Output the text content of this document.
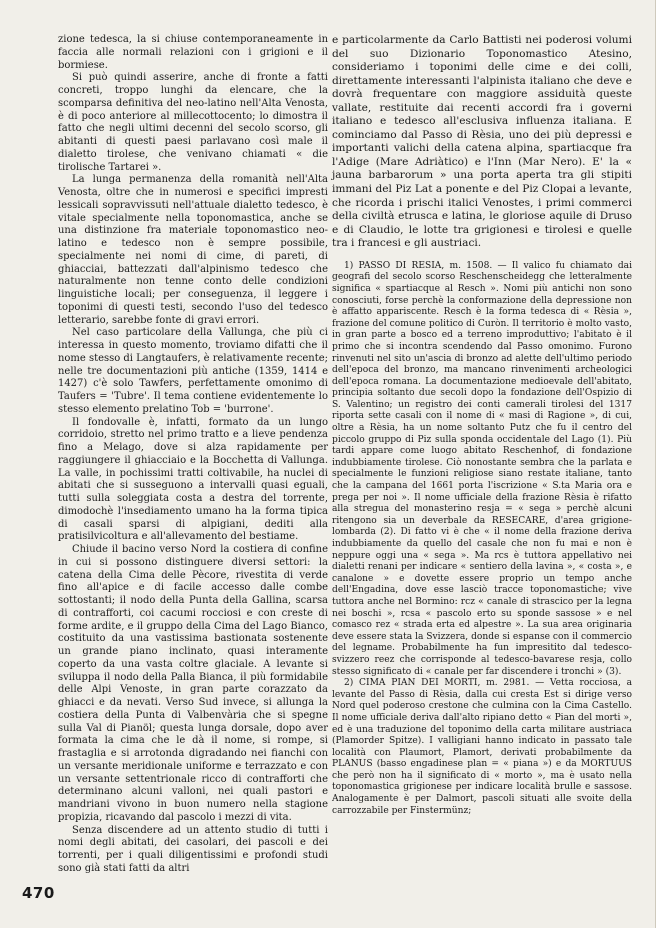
zione tedesca, la si chiuse contemporaneamente in faccia alle normali relazioni con i grigioni e il bormiese.

Si può quindi asserire, anche di fronte a fatti concreti, troppo lunghi da elencare, che la scomparsa definitiva del neo-latino nell'Alta Venosta, è di poco anteriore al millecottocento; lo dimostra il fatto che negli ultimi decenni del secolo scorso, gli abitanti di questi paesi parlavano così male il dialetto tirolese, che venivano chiamati « die tirolische Tartarei ».

La lunga permanenza della romanità nell'Alta Venosta, oltre che in numerosi e specifici impresti lessicali sopravvissuti nell'attuale dialetto tedesco, è vitale specialmente nella toponomastica, anche se una distinzione fra materiale toponomastico neo-latino e tedesco non è sempre possibile, specialmente nei nomi di cime, di pareti, di ghiacciai, battezzati dall'alpinismo tedesco che naturalmente non tenne conto delle condizioni linguistiche locali; per conseguenza, il leggere i toponimi di questi testi, secondo l'uso del tedesco letterario, sarebbe fonte di gravi errori.

Nel caso particolare della Vallunga, che più ci interessa in questo momento, troviamo difatti che il nome stesso di Langtaufers, è relativamente recente; nelle tre documentazioni più antiche (1359, 1414 e 1427) c'è solo Tawfers, perfettamente omonimo di Taufers = 'Tubre'. Il tema contiene evidentemente lo stesso elemento prelatino Tob = 'burrone'.

Il fondovalle è, infatti, formato da un lungo corridoio, stretto nel primo tratto e a lieve pendenza fino a Melago, dove si alza rapidamente per raggiungere il ghiacciaio e la Bocchetta di Vallunga. La valle, in pochissimi tratti coltivabile, ha nuclei di abitati che si susseguono a intervalli quasi eguali, tutti sulla soleggiata costa a destra del torrente, dimodochè l'insediamento umano ha la forma tipica di casali sparsi di alpigiani, dediti alla pratisilvicoltura e all'allevamento del bestiame.

Chiude il bacino verso Nord la costiera di confine in cui si possono distinguere diversi settori: la catena della Cima delle Pècore, rivestita di verde fino all'apice e di facile accesso dalle combe sottostanti; il nodo della Punta della Gallina, scarsa di contrafforti, coi cacumi rocciosi e con creste di forme ardite, e il gruppo della Cima del Lago Bianco, costituito da una vastissima bastionata sostenente un grande piano inclinato, quasi interamente coperto da una vasta coltre glaciale. A levante si sviluppa il nodo della Palla Bianca, il più formidabile delle Alpi Venoste, in gran parte corazzato da ghiacci e da nevati. Verso Sud invece, si allunga la costiera della Punta di Valbenvària che si spegne sulla Val di Pianöl; questa lunga dorsale, dopo aver formata la cima che le dà il nome, si rompe, si frastaglia e si arrotonda digradando nei fianchi con un versante meridionale uniforme e terrazzato e con un versante settentrionale ricco di contrafforti che determinano alcuni valloni, nei quali pastori e mandriani vivono in buon numero nella stagione propizia, ricavando dal pascolo i mezzi di vita.

Senza discendere ad un attento studio di tutti i nomi degli abitati, dei casolari, dei pascoli e dei torrenti, per i quali diligentissimi e profondi studi sono già stati fatti da altri

e particolarmente da Carlo Battisti nei poderosi volumi del suo Dizionario Toponomastico Atesino, consideriamo i toponimi delle cime e dei colli, direttamente interessanti l'alpinista italiano che deve e dovrà frequentare con maggiore assiduità queste vallate, restituite dai recenti accordi fra i governi italiano e tedesco all'esclusiva influenza italiana. E cominciamo dal Passo di Rèsia, uno dei più depressi e importanti valichi della catena alpina, spartiacque fra l'Adige (Mare Adriàtico) e l'Inn (Mar Nero). E' la « jauna barbarorum » una porta aperta tra gli stipiti immani del Piz Lat a ponente e del Piz Clopai a levante, che ricorda i prischi italici Venostes, i primi commerci della civiltà etrusca e latina, le gloriose aquile di Druso e di Claudio, le lotte tra grigionesi e tirolesi e quelle tra i francesi e gli austriaci.

1) PASSO DI RESIA, m. 1508. — Il valico fu chiamato dai geografi del secolo scorso Reschenscheidegg che letteralmente significa « spartiacque al Resch ». Nomi più antichi non sono conosciuti, forse perchè la conformazione della depressione non è affatto appariscente. Resch è la forma tedesca di « Rèsia », frazione del comune politico di Curòn. Il territorio è molto vasto, in gran parte a bosco ed a terreno improduttivo; l'abitato è il primo che si incontra scendendo dal Passo omonimo. Furono rinvenuti nel sito un'ascia di bronzo ad alette dell'ultimo periodo dell'epoca del bronzo, ma mancano rinvenimenti archeologici dell'epoca romana. La documentazione medioevale dell'abitato, principia soltanto due secoli dopo la fondazione dell'Ospizio di S. Valentino; un registro dei conti camerali tirolesi del 1317 riporta sette casali con il nome di « masi di Ragione », di cui, oltre a Rèsia, ha un nome soltanto Putz che fu il centro del piccolo gruppo di Piz sulla sponda occidentale del Lago (1). Più tardi appare come luogo abitato Reschenhof, di fondazione indubbiamente tirolese. Ciò nonostante sembra che la parlata e specialmente le funzioni religiose siano restate italiane, tanto che la campana del 1661 porta l'iscrizione « S.ta Maria ora e prega per noi ». Il nome ufficiale della frazione Rèsia è rifatto alla stregua del monasterino resja = « sega » perchè alcuni ritengono sia un deverbale da RESECARE, d'area grigione-lombarda (2). Di fatto vi è che « il nome della frazione deriva indubbiamente da quello del casale che non fu mai e non è neppure oggi una « sega ». Ma rcs è tuttora appellativo nei dialetti renani per indicare « sentiero della lavina », « costa », e canalone » e dovette essere proprio un tempo anche dell'Engadina, dove esse lasciò tracce toponomastiche; vive tuttora anche nel Bormino: rcz « canale di strascico per la legna nei boschi », rcsa « pascolo erto su sponde sassose » e nel comasco rez « strada erta ed alpestre ». La sua area originaria deve essere stata la Svizzera, donde si espanse con il commercio del legname. Probabilmente ha fun impresitito dal tedesco-svizzero reez che corrisponde al tedesco-bavarese resja, collo stesso significato di « canale per far discendere i tronchi » (3).

2) CIMA PIAN DEI MORTI, m. 2981. — Vetta rocciosa, a levante del Passo di Rèsia, dalla cui cresta Est si dirige verso Nord quel poderoso crestone che culmina con la Cima Castello. Il nome ufficiale deriva dall'alto ripiano detto « Pian del morti », ed è una traduzione del toponimo della carta militare austriaca (Plamorder Spitze). I valligiani hanno indicato in passato tale località con Plaumort, Plamort, derivati probabilmente da PLANUS (basso engadinese plan = « piana ») e da MORTUUS che però non ha il significato di « morto », ma è usato nella toponomastica grigionese per indicare località brulle e sassose. Analogamente è per Dalmort, pascoli situati alle svoite della carrozzabile per Finstermünz;

470
